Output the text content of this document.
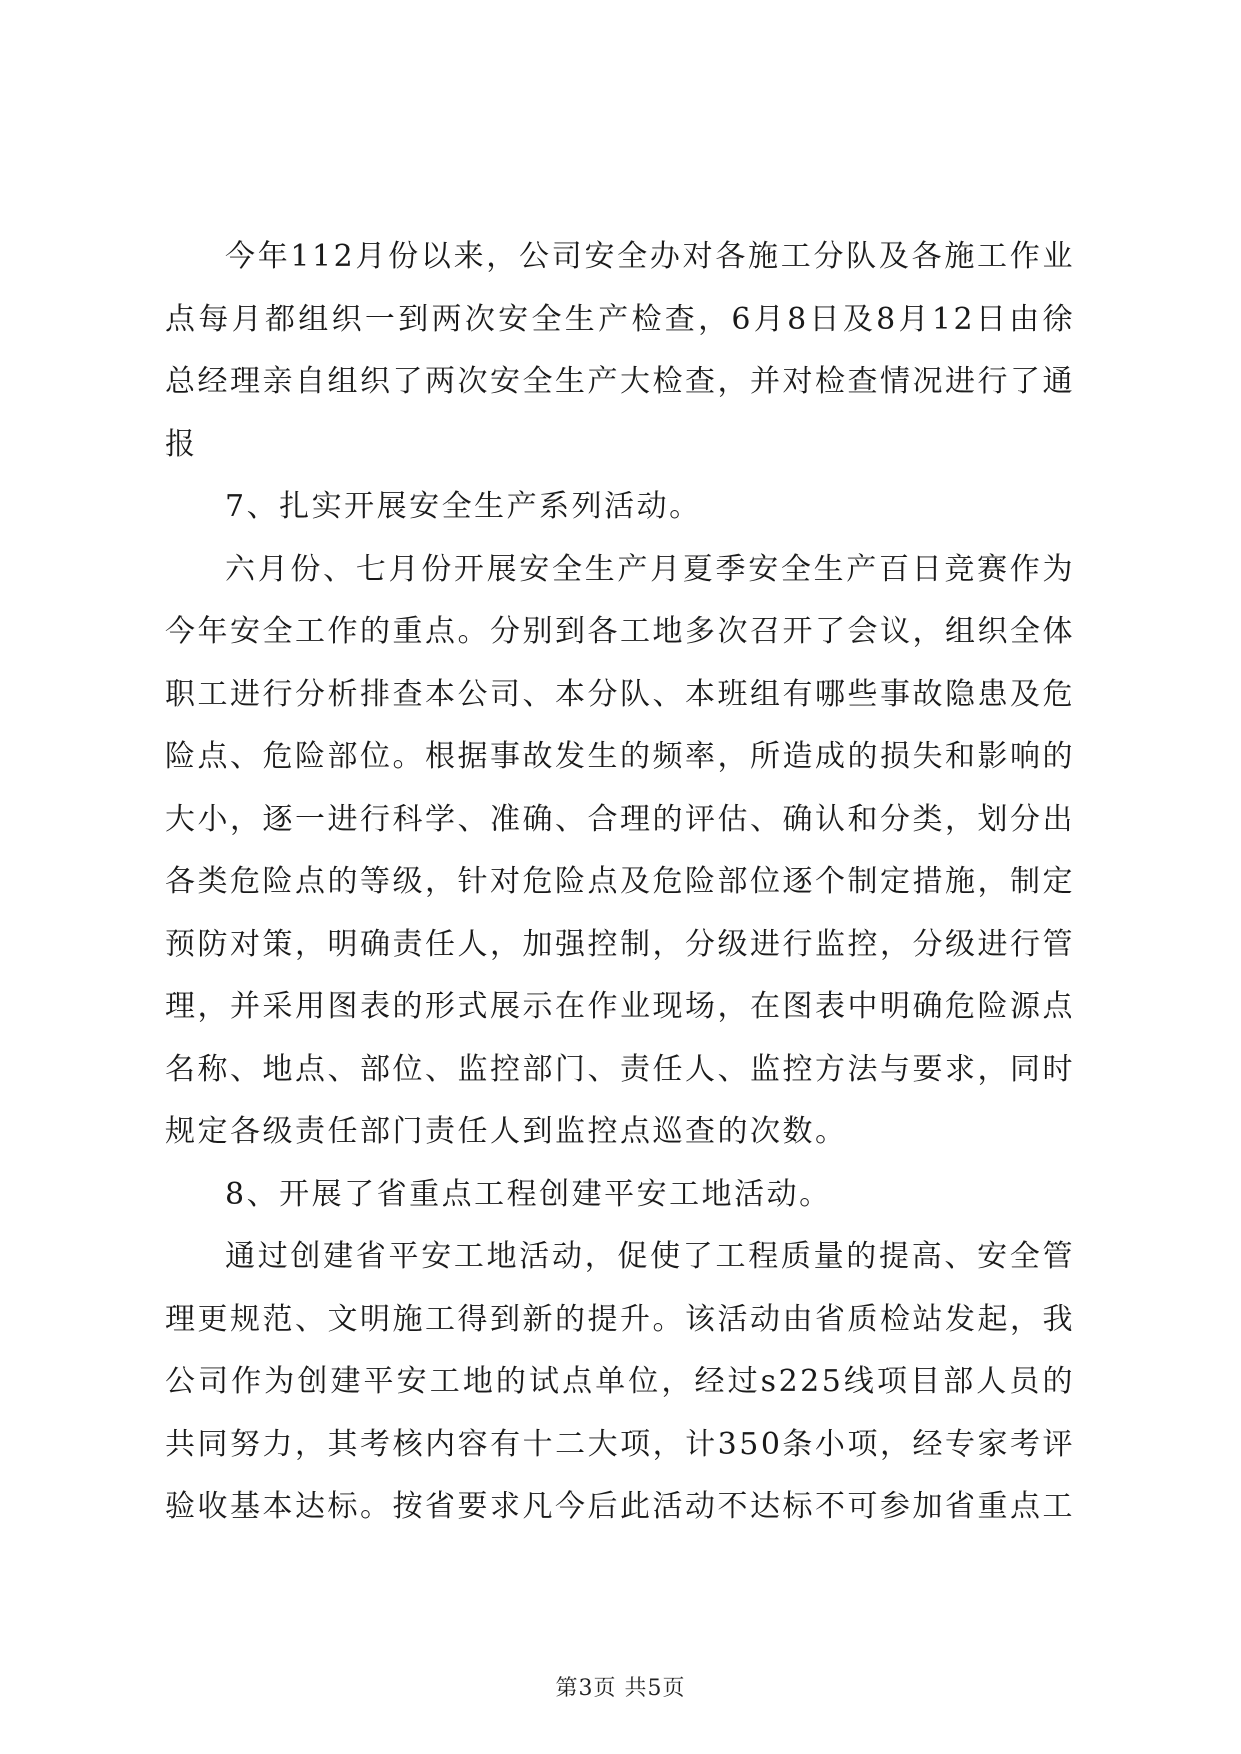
今年112月份以来，公司安全办对各施工分队及各施工作业点每月都组织一到两次安全生产检查，6月8日及8月12日由徐总经理亲自组织了两次安全生产大检查，并对检查情况进行了通报

7、扎实开展安全生产系列活动。

六月份、七月份开展安全生产月夏季安全生产百日竞赛作为今年安全工作的重点。分别到各工地多次召开了会议，组织全体职工进行分析排查本公司、本分队、本班组有哪些事故隐患及危险点、危险部位。根据事故发生的频率，所造成的损失和影响的大小，逐一进行科学、准确、合理的评估、确认和分类，划分出各类危险点的等级，针对危险点及危险部位逐个制定措施，制定预防对策，明确责任人，加强控制，分级进行监控，分级进行管理，并采用图表的形式展示在作业现场，在图表中明确危险源点名称、地点、部位、监控部门、责任人、监控方法与要求，同时规定各级责任部门责任人到监控点巡查的次数。

8、开展了省重点工程创建平安工地活动。

通过创建省平安工地活动，促使了工程质量的提高、安全管理更规范、文明施工得到新的提升。该活动由省质检站发起，我公司作为创建平安工地的试点单位，经过s225线项目部人员的共同努力，其考核内容有十二大项，计350条小项，经专家考评验收基本达标。按省要求凡今后此活动不达标不可参加省重点工

第3页 共5页
